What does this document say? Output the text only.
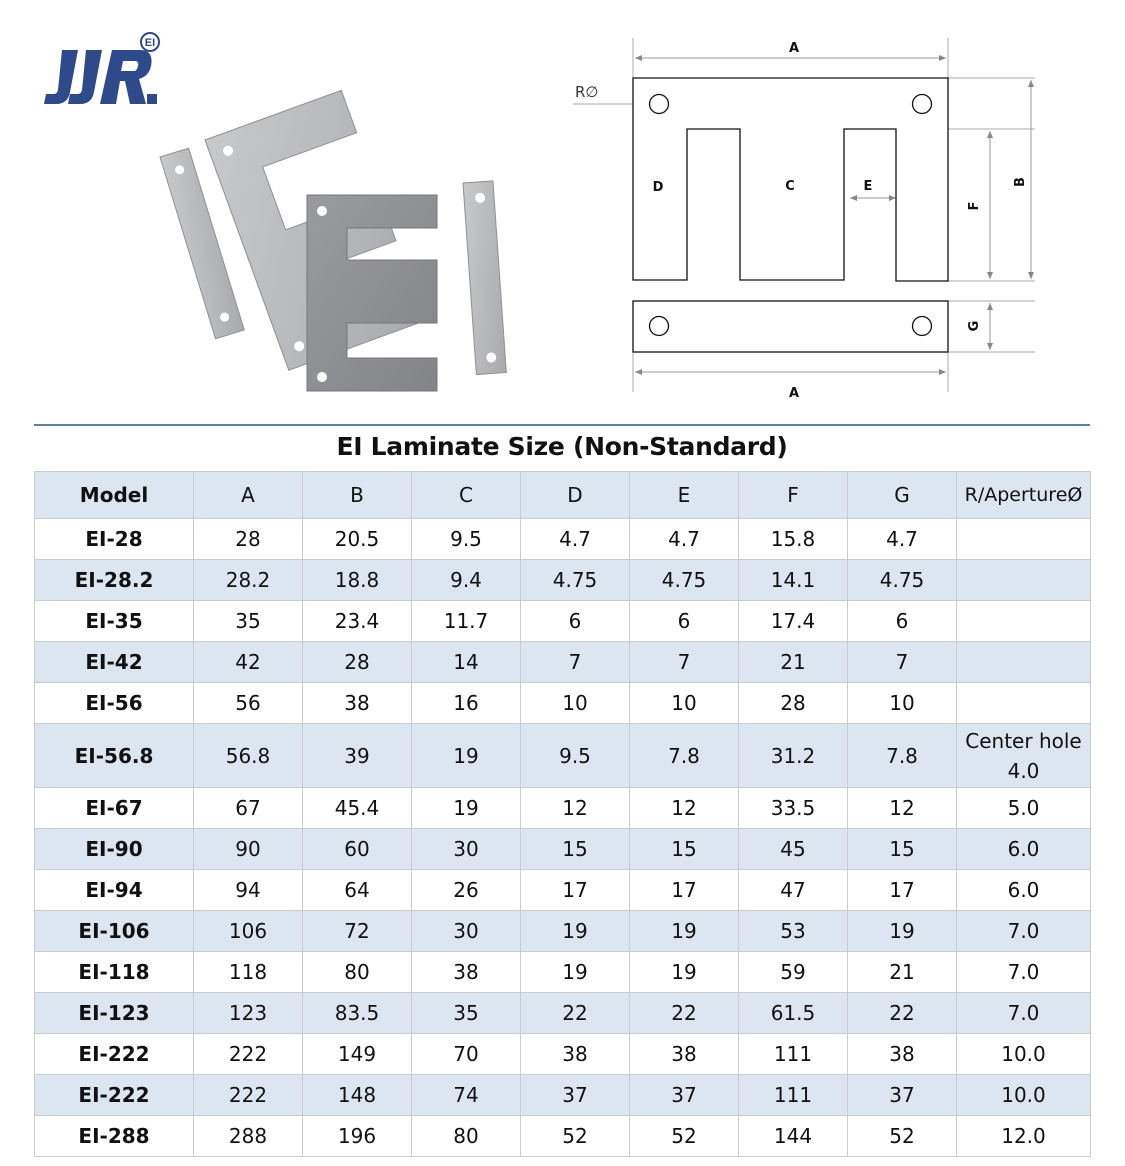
EI	A
A
D	C	E
F
B
G
R∅
EI Laminate Size (Non-Standard)
Model	A	B	C	D	E	F	G	R/ApertureØ
EI-28	28	20.5	9.5	4.7	4.7	15.8	4.7	

EI-28.2	28.2	18.8	9.4	4.75	4.75	14.1	4.75	

EI-35	35	23.4	11.7	6	6	17.4	6	

EI-42	42	28	14	7	7	21	7	

EI-56	56	38	16	10	10	28	10	

EI-56.8	56.8	39	19	9.5	7.8	31.2	7.8	Center hole
4.0

EI-67	67	45.4	19	12	12	33.5	12	5.0

EI-90	90	60	30	15	15	45	15	6.0

EI-94	94	64	26	17	17	47	17	6.0

EI-106	106	72	30	19	19	53	19	7.0

EI-118	118	80	38	19	19	59	21	7.0

EI-123	123	83.5	35	22	22	61.5	22	7.0

EI-222	222	149	70	38	38	111	38	10.0

EI-222	222	148	74	37	37	111	37	10.0

EI-288	288	196	80	52	52	144	52	12.0
